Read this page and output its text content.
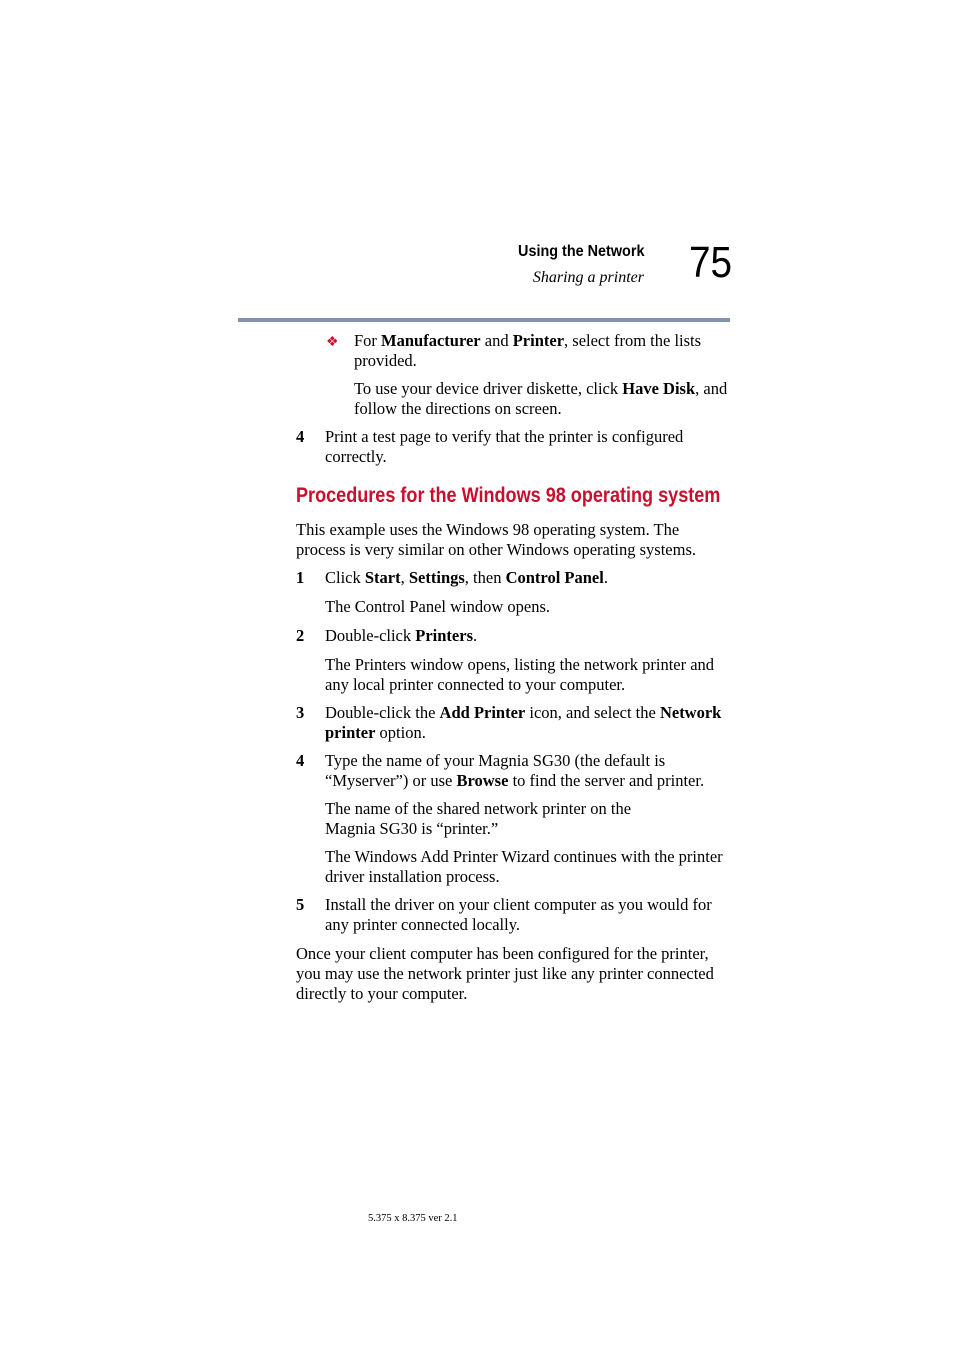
Using the Network
Sharing a printer 75
❖ For Manufacturer and Printer, select from the lists provided.

To use your device driver diskette, click Have Disk, and follow the directions on screen.

4 Print a test page to verify that the printer is configured correctly.

Procedures for the Windows 98 operating system

This example uses the Windows 98 operating system. The process is very similar on other Windows operating systems.

1 Click Start, Settings, then Control Panel.

The Control Panel window opens.

2 Double-click Printers.

The Printers window opens, listing the network printer and any local printer connected to your computer.

3 Double-click the Add Printer icon, and select the Network printer option.

4 Type the name of your Magnia SG30 (the default is “Myserver”) or use Browse to find the server and printer.

The name of the shared network printer on the Magnia SG30 is “printer.”

The Windows Add Printer Wizard continues with the printer driver installation process.

5 Install the driver on your client computer as you would for any printer connected locally.

Once your client computer has been configured for the printer, you may use the network printer just like any printer connected directly to your computer.

5.375 x 8.375 ver 2.1
